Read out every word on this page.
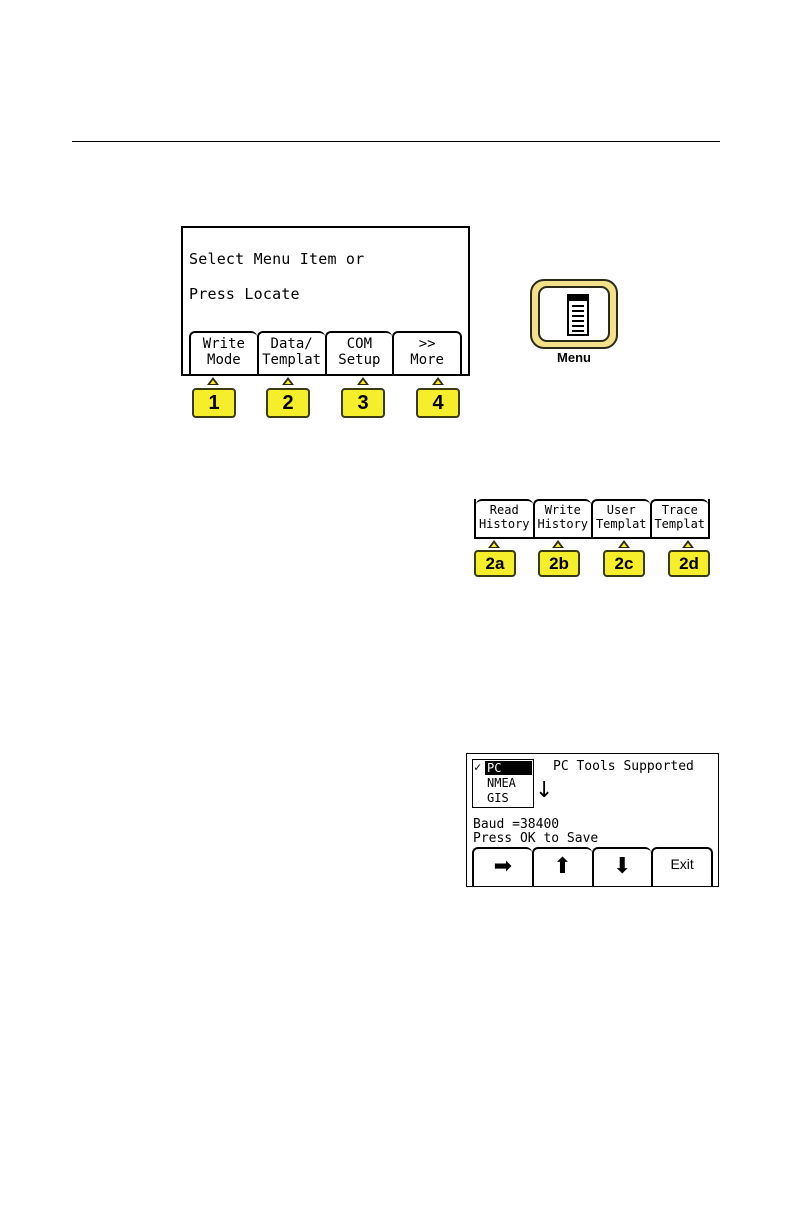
Select Menu Item or
Press Locate
Write
Mode
Data/
Templat
COM
Setup
>>
More
1	2	3	4
Menu
Read
History
Write
History
User
Templat
Trace
Templat
2a	2b	2c	2d
✓ PC
NMEA
GIS ↓
PC Tools Supported
Baud =38400
Press OK to Save
➡	⬆	⬇	Exit
